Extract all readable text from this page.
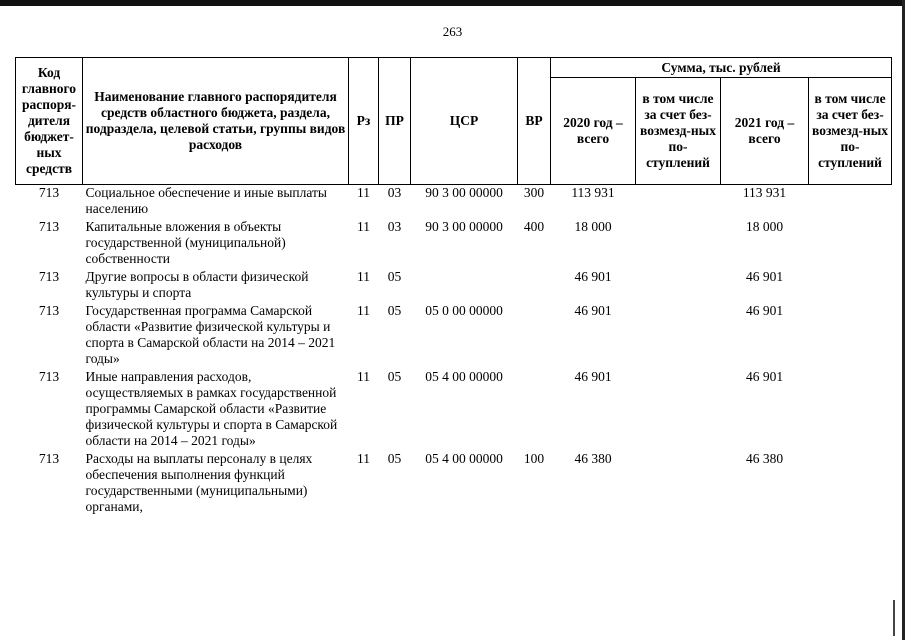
263
Код главного распоря-дителя бюджет-ных средств	Наименование главного распорядителя средств областного бюджета, раздела, подраздела, целевой статьи, группы видов расходов	Рз	ПР	ЦСР	ВР	Сумма, тыс. рублей			
						2020 год – всего	в том числе за счет без-возмезд-ных по-ступлений	2021 год – всего	в том числе за счет без-возмезд-ных по-ступлений
713	Социальное обеспечение и иные выплаты населению	11	03	90 3 00 00000	300	113 931		113 931	
713	Капитальные вложения в объекты государственной (муниципальной) собственности	11	03	90 3 00 00000	400	18 000		18 000	
713	Другие вопросы в области физической культуры и спорта	11	05			46 901		46 901	
713	Государственная программа Самарской области «Развитие физической культуры и спорта в Самарской области на 2014 – 2021 годы»	11	05	05 0 00 00000		46 901		46 901	
713	Иные направления расходов, осуществляемых в рамках государственной программы Самарской области «Развитие физической культуры и спорта в Самарской области на 2014 – 2021 годы»	11	05	05 4 00 00000		46 901		46 901	
713	Расходы на выплаты персоналу в целях обеспечения выполнения функций государственными (муниципальными) органами,	11	05	05 4 00 00000	100	46 380		46 380	
